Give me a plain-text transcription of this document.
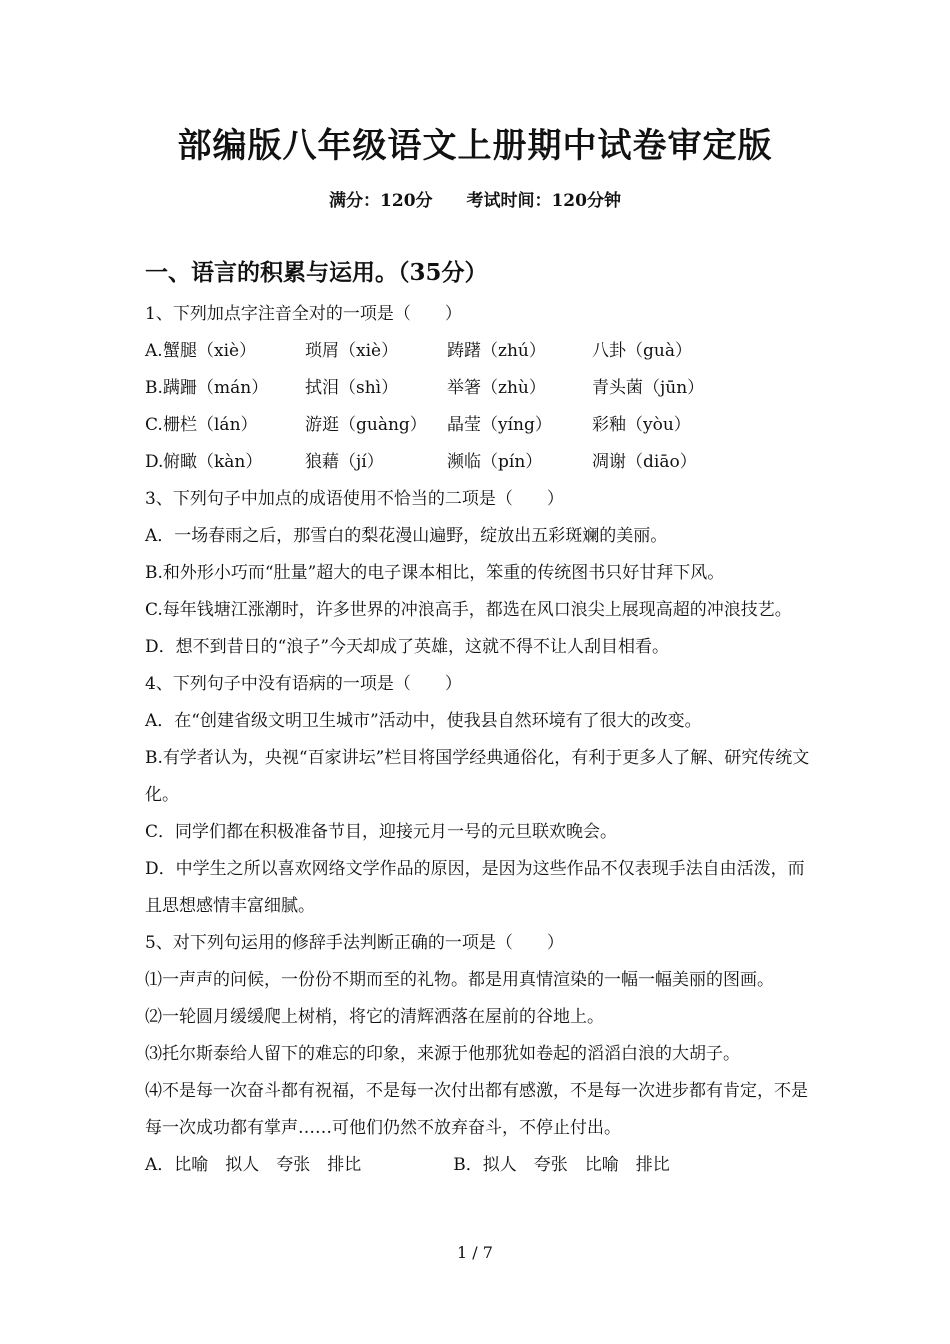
部编版八年级语文上册期中试卷审定版
满分：120分 考试时间：120分钟
一、语言的积累与运用。（35分）
1、下列加点字注音全对的一项是（　　）
A.蟹腿（xiè）	琐屑（xiè）	踌躇（zhú）	八卦（guà）
B.蹒跚（mán） 拭泪（shì）	举箸（zhù）	青头菌（jūn）
C.栅栏（lán）	游逛（guàng） 晶莹（yíng） 彩釉（yòu）
D.俯瞰（kàn）	狼藉（jí）	濒临（pín）	凋谢（diāo）
3、下列句子中加点的成语使用不恰当的二项是（　　）
A．一场春雨之后，那雪白的梨花漫山遍野，绽放出五彩斑斓的美丽。
B.和外形小巧而“肚量”超大的电子课本相比，笨重的传统图书只好甘拜下风。
C.每年钱塘江涨潮时，许多世界的冲浪高手，都选在风口浪尖上展现高超的冲浪技艺。
D．想不到昔日的“浪子”今天却成了英雄，这就不得不让人刮目相看。
4、下列句子中没有语病的一项是（　　）
A．在“创建省级文明卫生城市”活动中，使我县自然环境有了很大的改变。
B.有学者认为，央视“百家讲坛”栏目将国学经典通俗化，有利于更多人了解、研究传统文化。
C．同学们都在积极准备节目，迎接元月一号的元旦联欢晚会。
D．中学生之所以喜欢网络文学作品的原因，是因为这些作品不仅表现手法自由活泼，而且思想感情丰富细腻。
5、对下列句运用的修辞手法判断正确的一项是（　　）
⑴一声声的问候，一份份不期而至的礼物。都是用真情渲染的一幅一幅美丽的图画。
⑵一轮圆月缓缓爬上树梢，将它的清辉洒落在屋前的谷地上。
⑶托尔斯泰给人留下的难忘的印象，来源于他那犹如卷起的滔滔白浪的大胡子。
⑷不是每一次奋斗都有祝福，不是每一次付出都有感激，不是每一次进步都有肯定，不是每一次成功都有掌声……可他们仍然不放弃奋斗，不停止付出。
A．比喻　拟人　夸张　排比	B．拟人　夸张　比喻　排比
1 / 7
